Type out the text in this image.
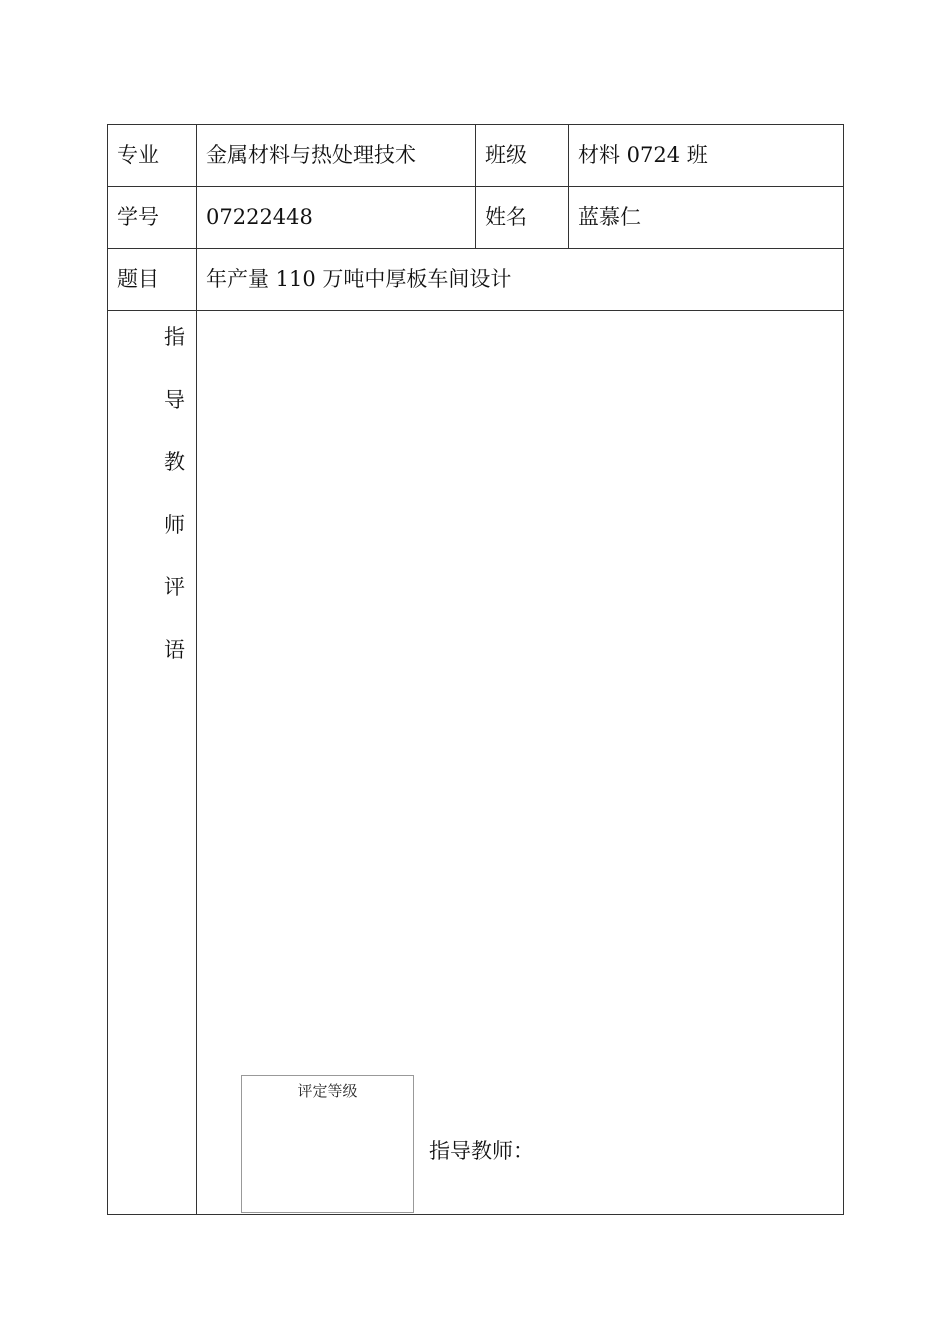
专业	金属材料与热处理技术	班级	材料 0724 班
学号	07222448	姓名	蓝慕仁
题目	年产量 110 万吨中厚板车间设计
指
导
教
师
评
语
评定等级
指导教师：
